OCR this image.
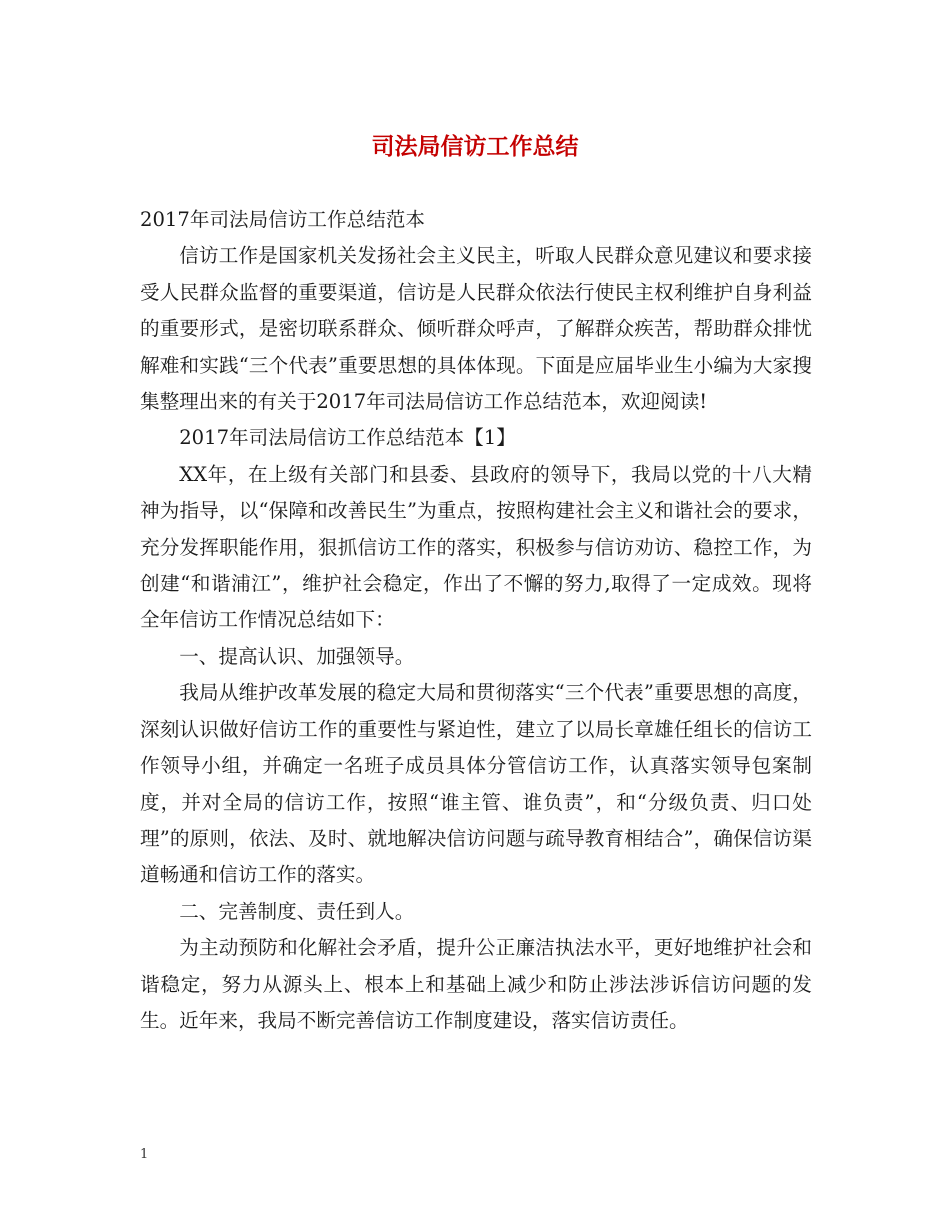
司法局信访工作总结

2017年司法局信访工作总结范本

信访工作是国家机关发扬社会主义民主，听取人民群众意见建议和要求接受人民群众监督的重要渠道，信访是人民群众依法行使民主权利维护自身利益的重要形式，是密切联系群众、倾听群众呼声，了解群众疾苦，帮助群众排忧解难和实践“三个代表”重要思想的具体体现。下面是应届毕业生小编为大家搜集整理出来的有关于2017年司法局信访工作总结范本，欢迎阅读!

2017年司法局信访工作总结范本【1】

XX年，在上级有关部门和县委、县政府的领导下，我局以党的十八大精神为指导，以“保障和改善民生”为重点，按照构建社会主义和谐社会的要求，充分发挥职能作用，狠抓信访工作的落实，积极参与信访劝访、稳控工作，为创建“和谐浦江”，维护社会稳定，作出了不懈的努力,取得了一定成效。现将全年信访工作情况总结如下：

一、提高认识、加强领导。

我局从维护改革发展的稳定大局和贯彻落实“三个代表”重要思想的高度，深刻认识做好信访工作的重要性与紧迫性，建立了以局长章雄任组长的信访工作领导小组，并确定一名班子成员具体分管信访工作，认真落实领导包案制度，并对全局的信访工作，按照“谁主管、谁负责”，和“分级负责、归口处理”的原则，依法、及时、就地解决信访问题与疏导教育相结合”，确保信访渠道畅通和信访工作的落实。

二、完善制度、责任到人。

为主动预防和化解社会矛盾，提升公正廉洁执法水平，更好地维护社会和谐稳定，努力从源头上、根本上和基础上减少和防止涉法涉诉信访问题的发生。近年来，我局不断完善信访工作制度建设，落实信访责任。

1
